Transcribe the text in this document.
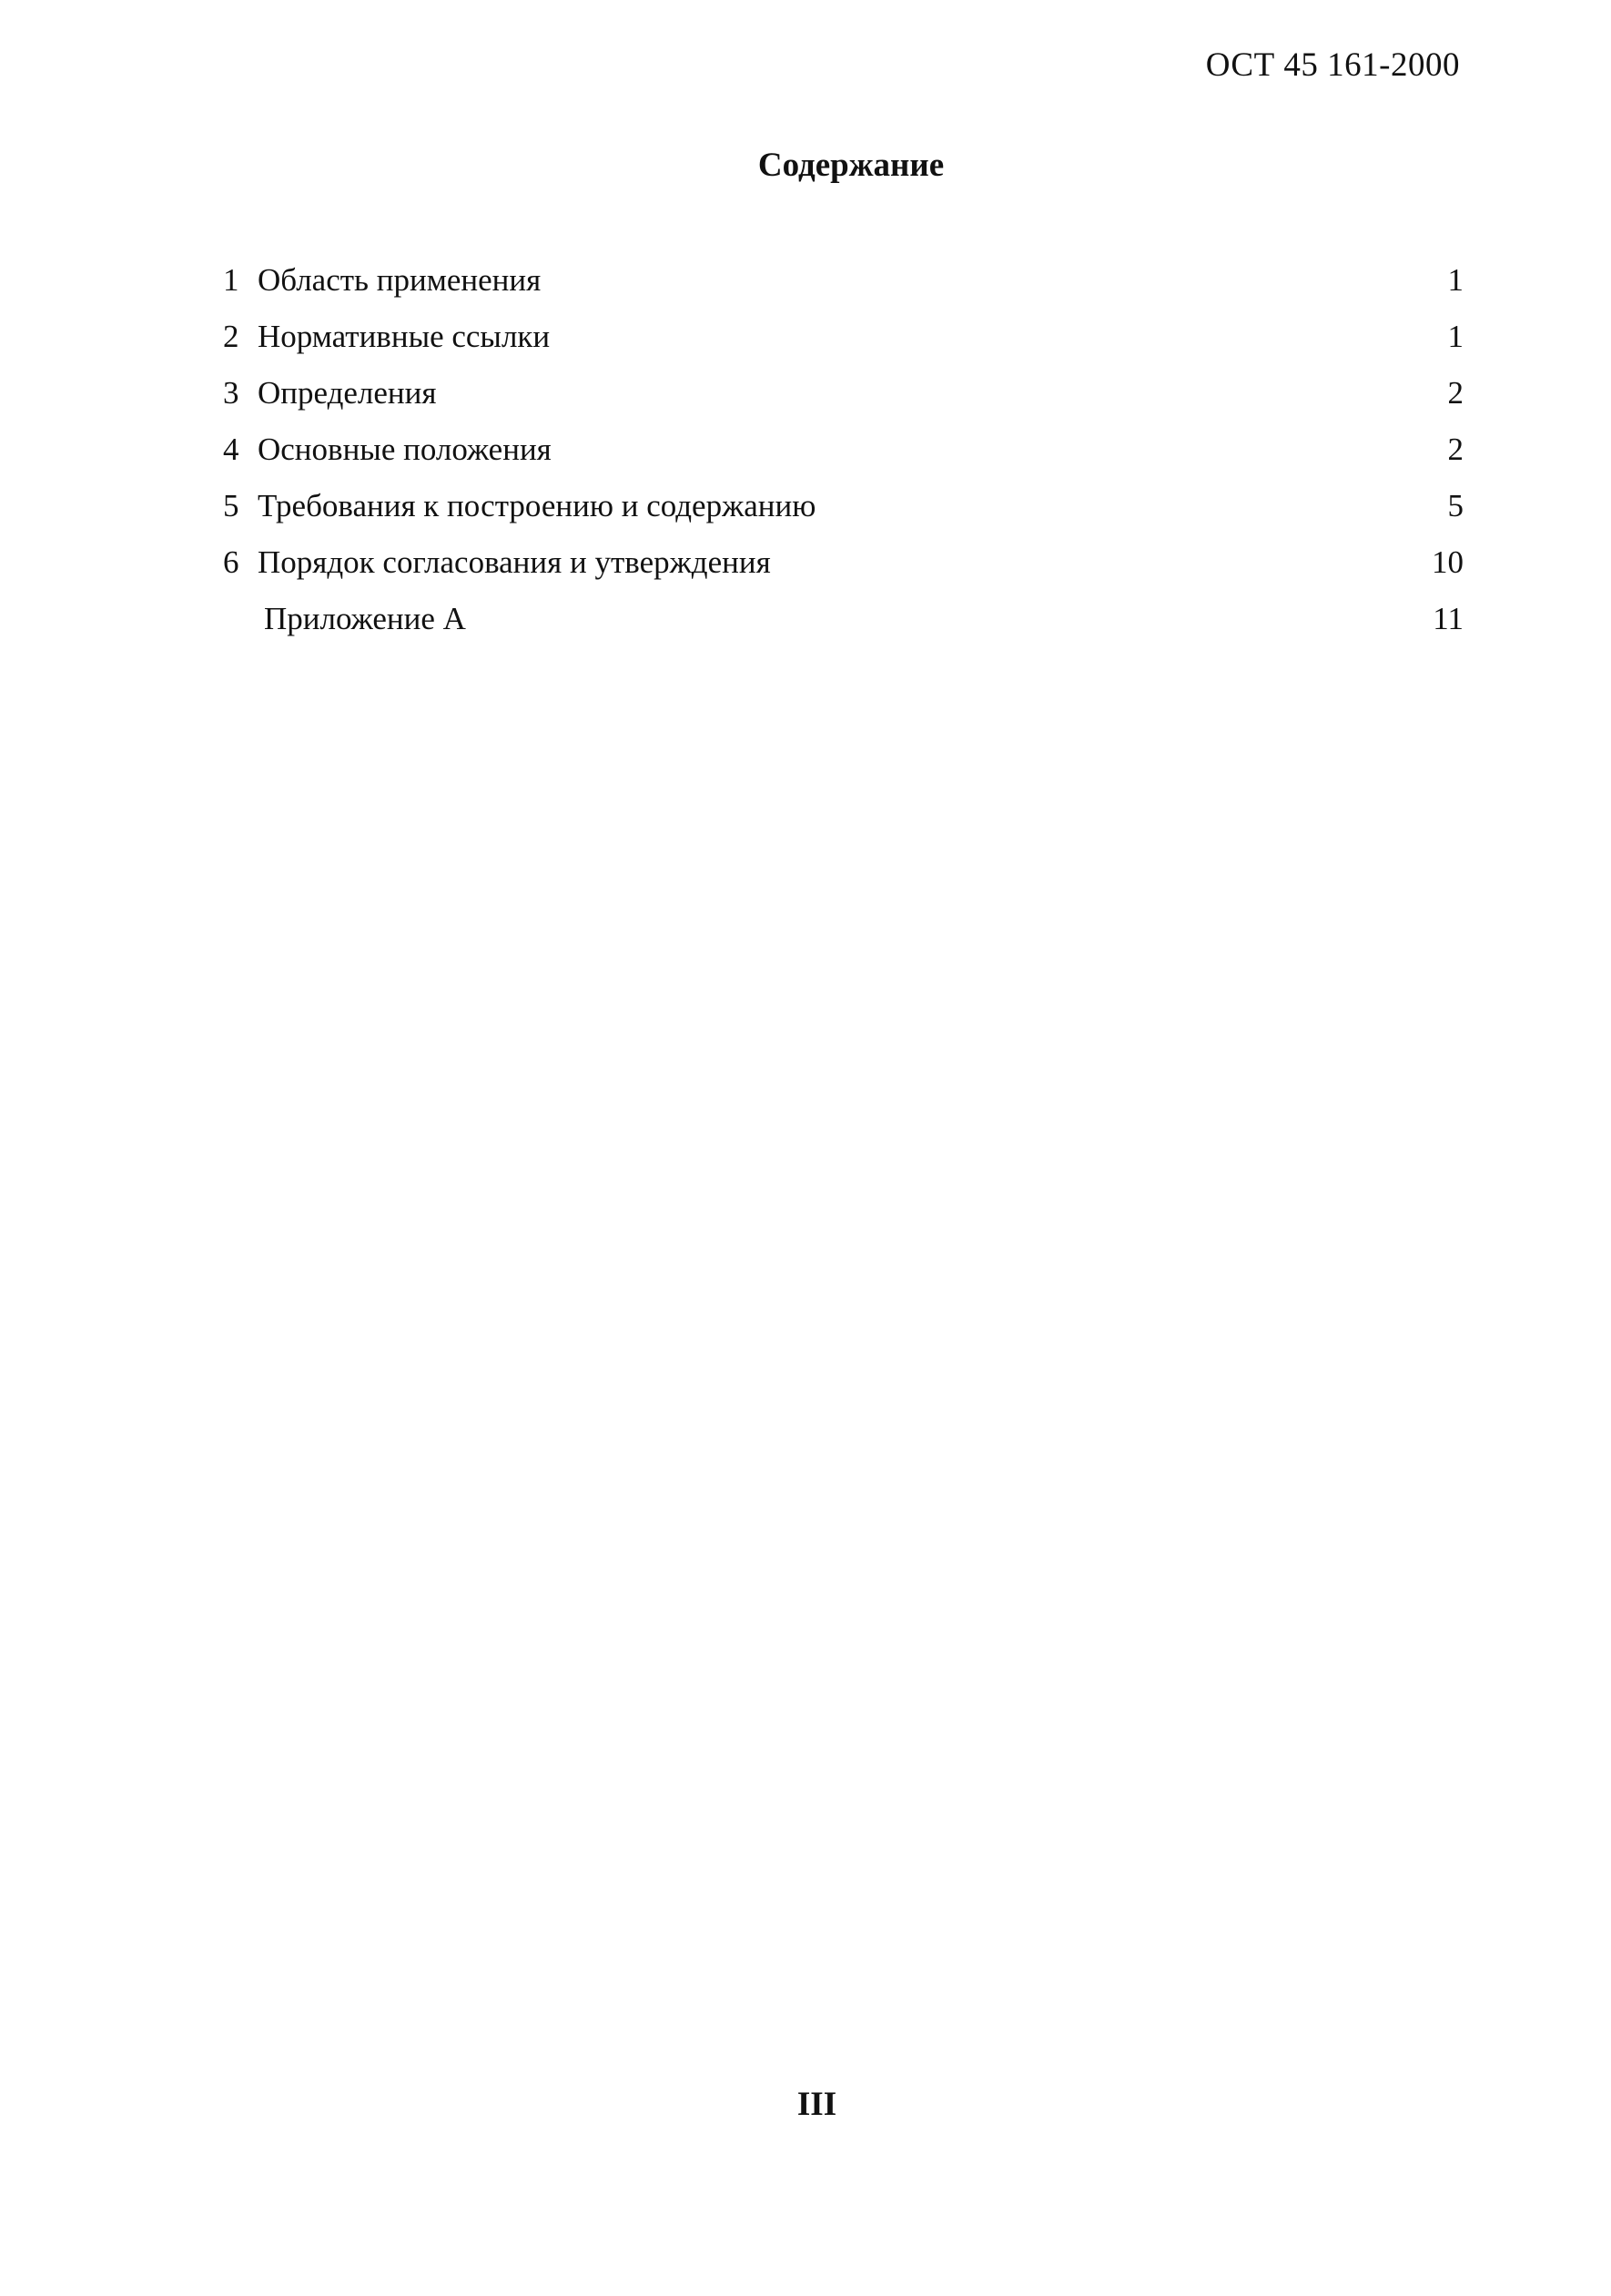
ОСТ 45 161-2000
Содержание
1 Область применения	1
2 Нормативные ссылки	1
3 Определения	2
4 Основные положения	2
5 Требования к построению и содержанию	5
6 Порядок согласования и утверждения	10
Приложение А	11
III
